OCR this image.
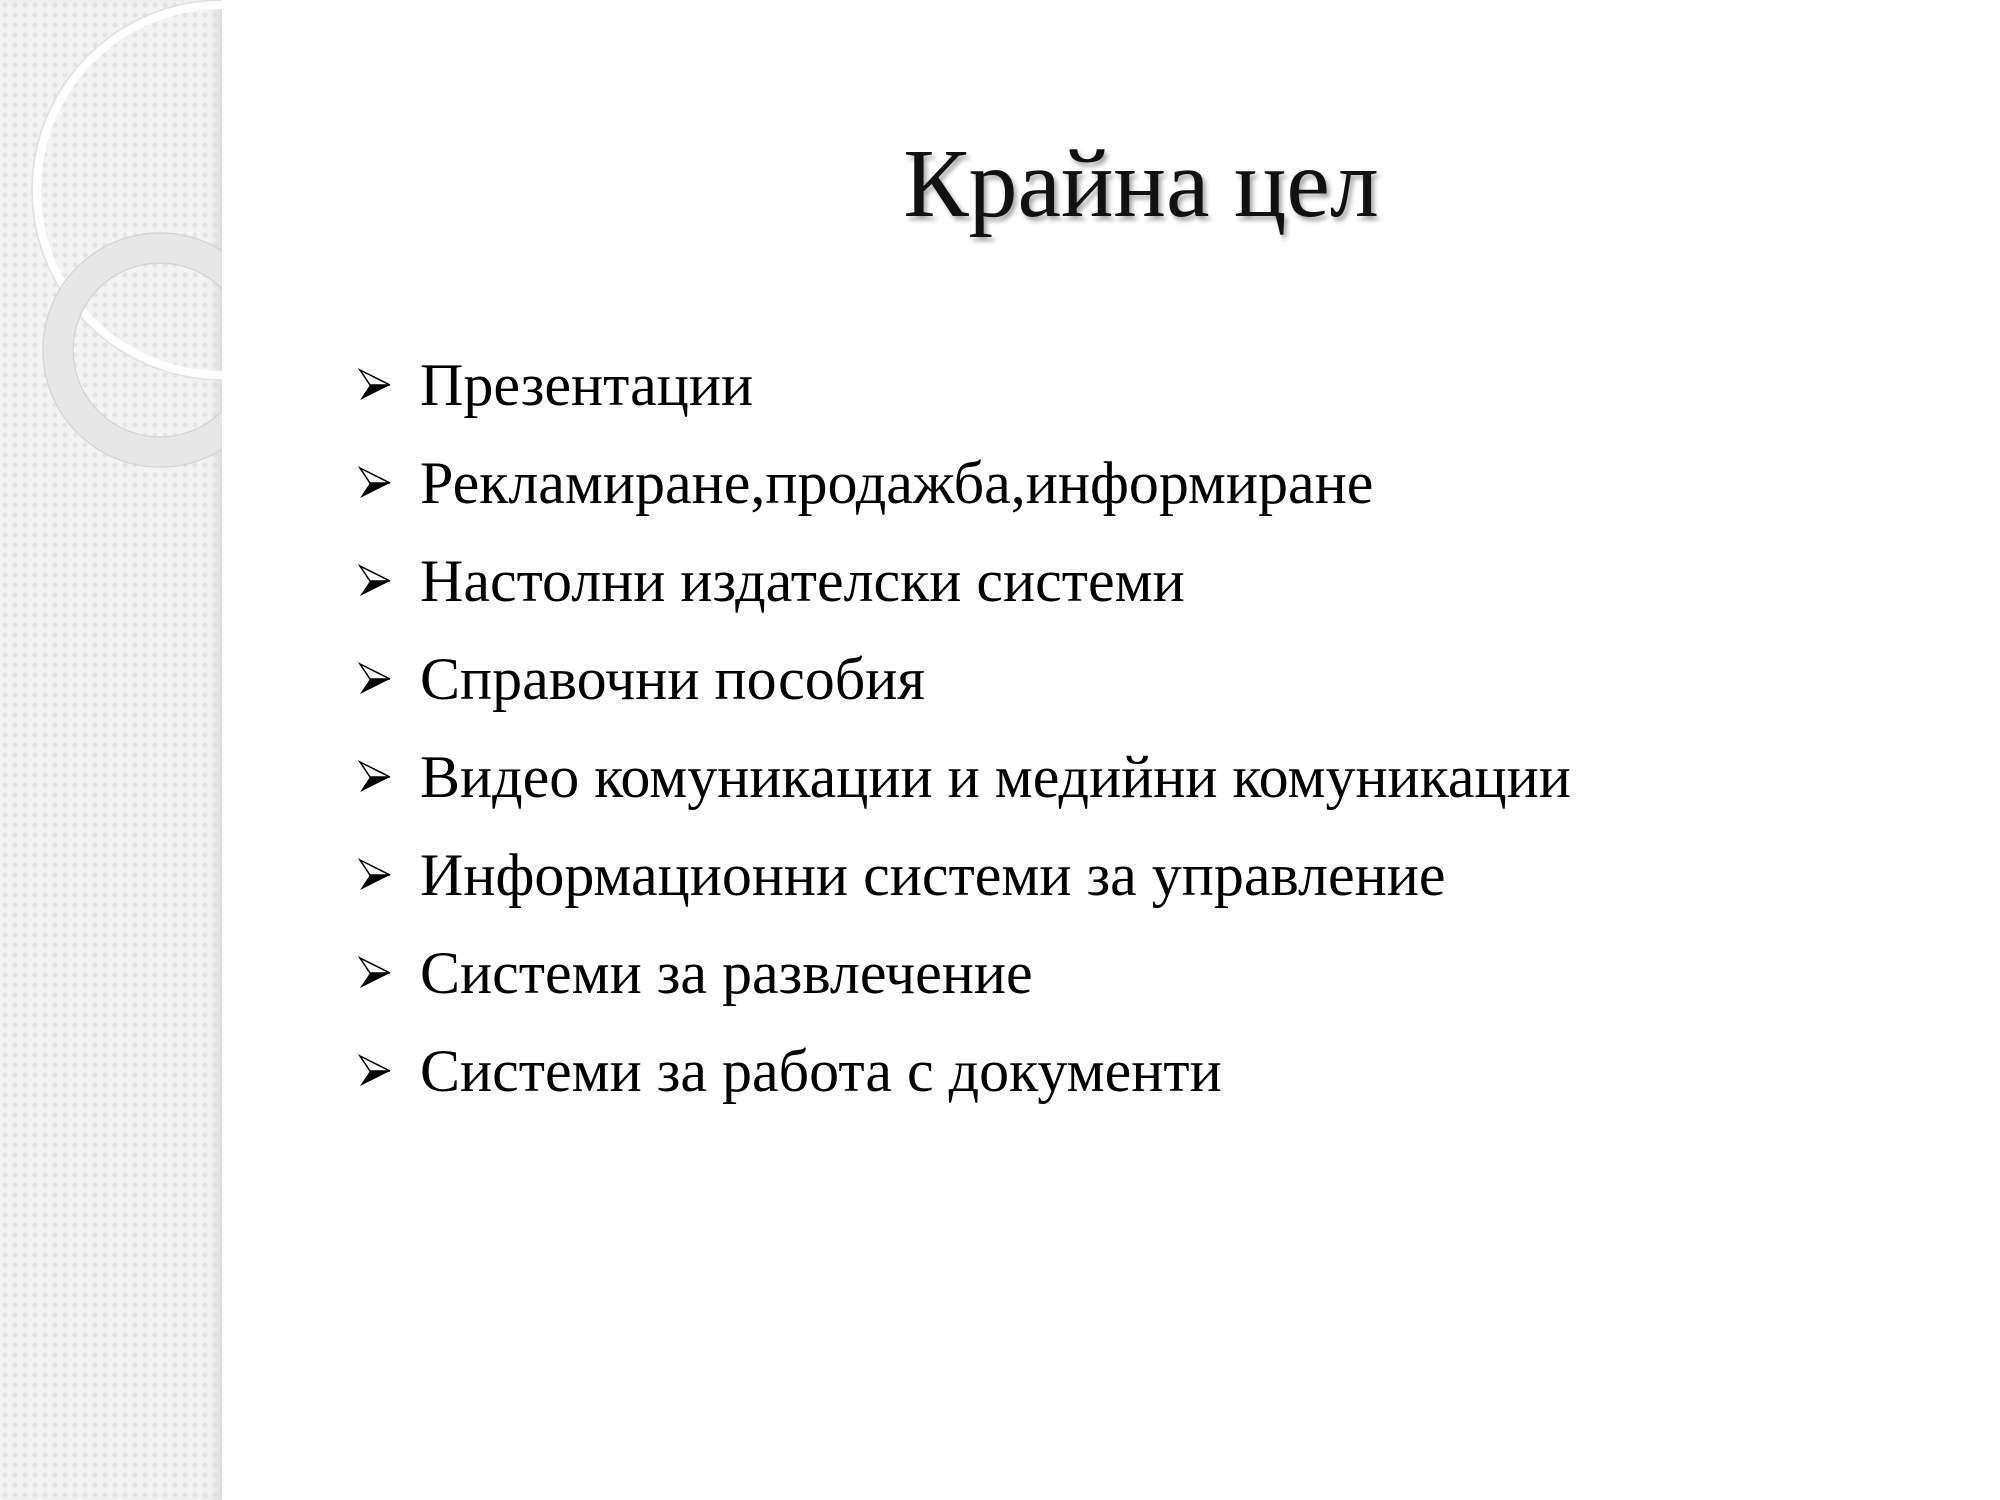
Крайна цел
Презентации
Рекламиране,продажба,информиране
Настолни издателски системи
Справочни пособия
Видео комуникации и медийни комуникации
Информационни системи за управление
Системи за развлечение
Системи за работа с документи
